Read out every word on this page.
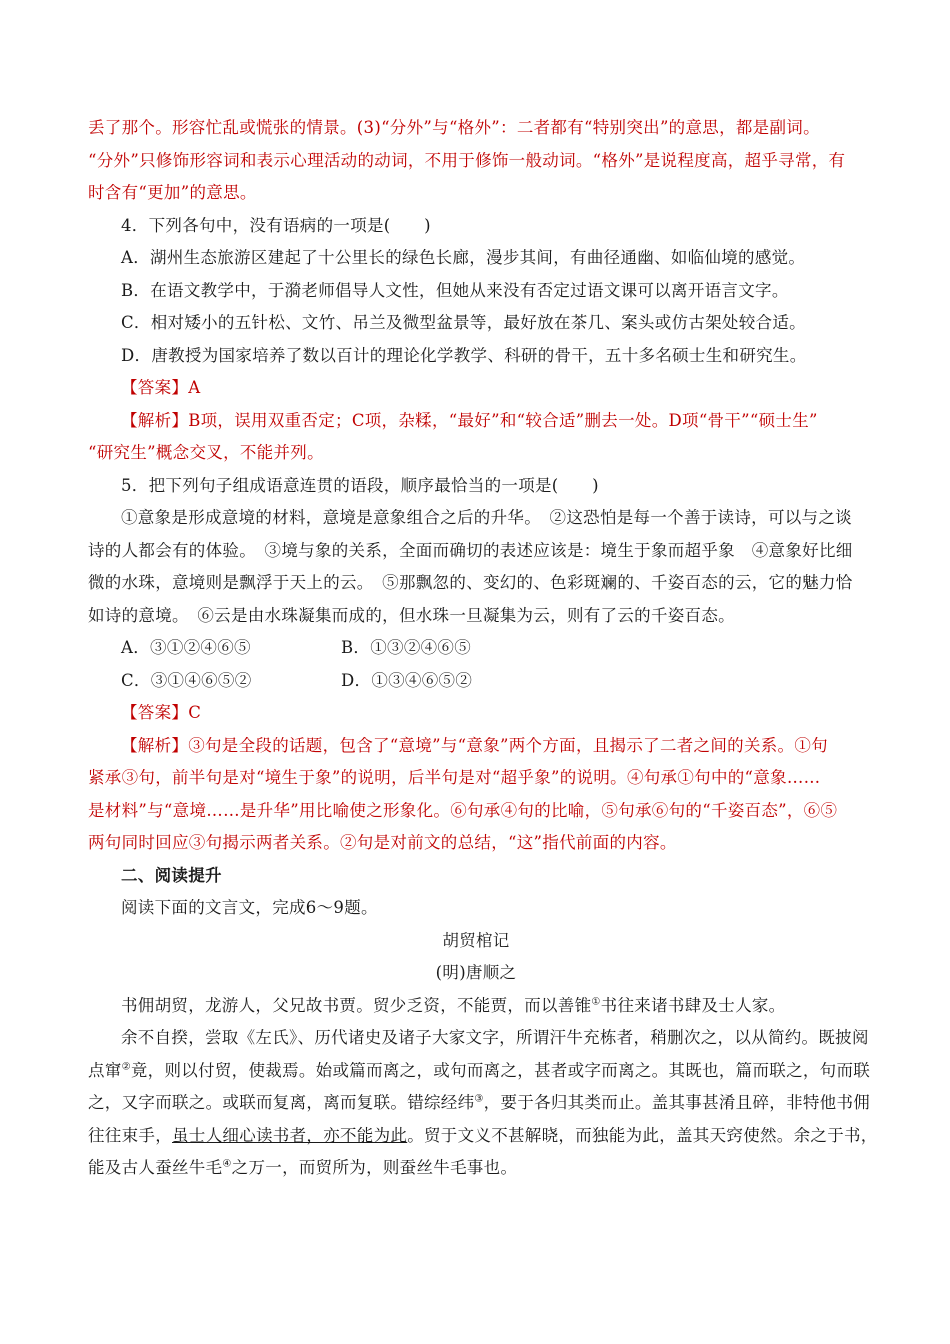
丢了那个。形容忙乱或慌张的情景。(3)“分外”与“格外”：二者都有“特别突出”的意思，都是副词。
“分外”只修饰形容词和表示心理活动的动词，不用于修饰一般动词。“格外”是说程度高，超乎寻常，有
时含有“更加”的意思。
4．下列各句中，没有语病的一项是(　　)
A．湖州生态旅游区建起了十公里长的绿色长廊，漫步其间，有曲径通幽、如临仙境的感觉。
B．在语文教学中，于漪老师倡导人文性，但她从来没有否定过语文课可以离开语言文字。
C．相对矮小的五针松、文竹、吊兰及微型盆景等，最好放在茶几、案头或仿古架处较合适。
D．唐教授为国家培养了数以百计的理论化学教学、科研的骨干，五十多名硕士生和研究生。
【答案】A
【解析】B项，误用双重否定；C项，杂糅，“最好”和“较合适”删去一处。D项“骨干”“硕士生”
“研究生”概念交叉，不能并列。
5．把下列句子组成语意连贯的语段，顺序最恰当的一项是(　　)
①意象是形成意境的材料，意境是意象组合之后的升华。　②这恐怕是每一个善于读诗，可以与之谈
诗的人都会有的体验。　③境与象的关系，全面而确切的表述应该是：境生于象而超乎象　④意象好比细
微的水珠，意境则是飘浮于天上的云。　⑤那飘忽的、变幻的、色彩斑斓的、千姿百态的云，它的魅力恰
如诗的意境。　⑥云是由水珠凝集而成的，但水珠一旦凝集为云，则有了云的千姿百态。
A．③①②④⑥⑤	B．①③②④⑥⑤
C．③①④⑥⑤②	D．①③④⑥⑤②
【答案】C
【解析】③句是全段的话题，包含了“意境”与“意象”两个方面，且揭示了二者之间的关系。①句
紧承③句，前半句是对“境生于象”的说明，后半句是对“超乎象”的说明。④句承①句中的“意象……
是材料”与“意境……是升华”用比喻使之形象化。⑥句承④句的比喻，⑤句承⑥句的“千姿百态”，⑥⑤
两句同时回应③句揭示两者关系。②句是对前文的总结，“这”指代前面的内容。
二、阅读提升
阅读下面的文言文，完成6～9题。
胡贸棺记
(明)唐顺之
书佣胡贸，龙游人，父兄故书贾。贸少乏资，不能贾，而以善锥①书往来诸书肆及士人家。
余不自揆，尝取《左氏》、历代诸史及诸子大家文字，所谓汗牛充栋者，稍删次之，以从简约。既披阅
点窜②竟，则以付贸，使裁焉。始或篇而离之，或句而离之，甚者或字而离之。其既也，篇而联之，句而联
之，又字而联之。或联而复离，离而复联。错综经纬③，要于各归其类而止。盖其事甚淆且碎，非特他书佣
往往束手，虽士人细心读书者，亦不能为此。贸于文义不甚解晓，而独能为此，盖其天窍使然。余之于书，
能及古人蚕丝牛毛④之万一，而贸所为，则蚕丝牛毛事也。
